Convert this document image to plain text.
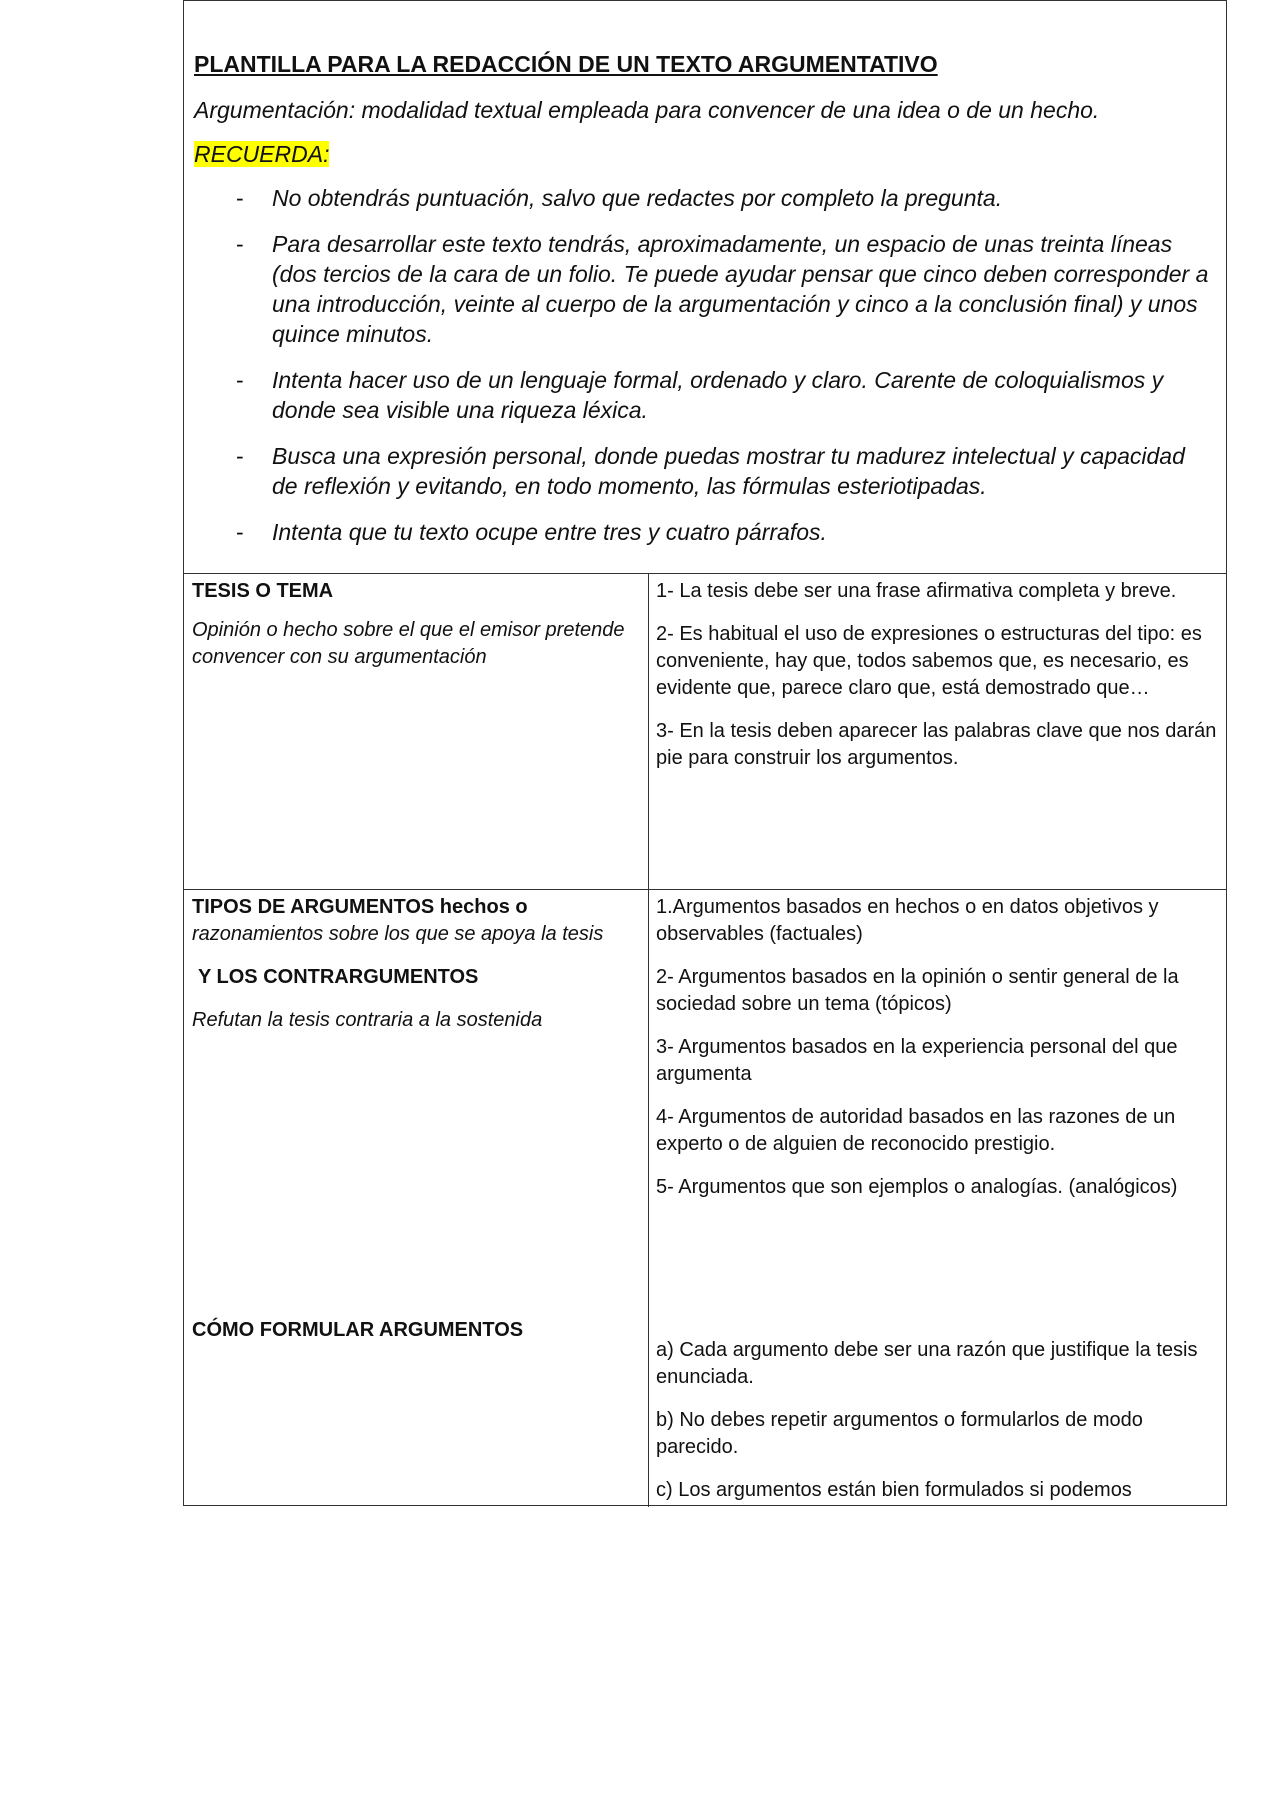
PLANTILLA PARA LA REDACCIÓN DE UN TEXTO ARGUMENTATIVO

Argumentación: modalidad textual empleada para convencer de una idea o de un hecho.

RECUERDA:

- No obtendrás puntuación, salvo que redactes por completo la pregunta.
- Para desarrollar este texto tendrás, aproximadamente, un espacio de unas treinta líneas (dos tercios de la cara de un folio. Te puede ayudar pensar que cinco deben corresponder a una introducción, veinte al cuerpo de la argumentación y cinco a la conclusión final) y unos quince minutos.
- Intenta hacer uso de un lenguaje formal, ordenado y claro. Carente de coloquialismos y donde sea visible una riqueza léxica.
- Busca una expresión personal, donde puedas mostrar tu madurez intelectual y capacidad de reflexión y evitando, en todo momento, las fórmulas esteriotipadas.
- Intenta que tu texto ocupe entre tres y cuatro párrafos.

TESIS O TEMA

Opinión o hecho sobre el que el emisor pretende convencer con su argumentación

1- La tesis debe ser una frase afirmativa completa y breve.

2- Es habitual el uso de expresiones o estructuras del tipo: es conveniente, hay que, todos sabemos que, es necesario, es evidente que, parece claro que, está demostrado que…

3- En la tesis deben aparecer las palabras clave que nos darán pie para construir los argumentos.

TIPOS DE ARGUMENTOS hechos o

razonamientos sobre los que se apoya la tesis

Y LOS CONTRARGUMENTOS

Refutan la tesis contraria a la sostenida

CÓMO FORMULAR ARGUMENTOS

1.Argumentos basados en hechos o en datos objetivos y observables (factuales)

2- Argumentos basados en la opinión o sentir general de la sociedad sobre un tema (tópicos)

3- Argumentos basados en la experiencia personal del que argumenta

4- Argumentos de autoridad basados en las razones de un experto o de alguien de reconocido prestigio.

5- Argumentos que son ejemplos o analogías. (analógicos)

a) Cada argumento debe ser una razón que justifique la tesis enunciada.

b) No debes repetir argumentos o formularlos de modo parecido.

c) Los argumentos están bien formulados si podemos
